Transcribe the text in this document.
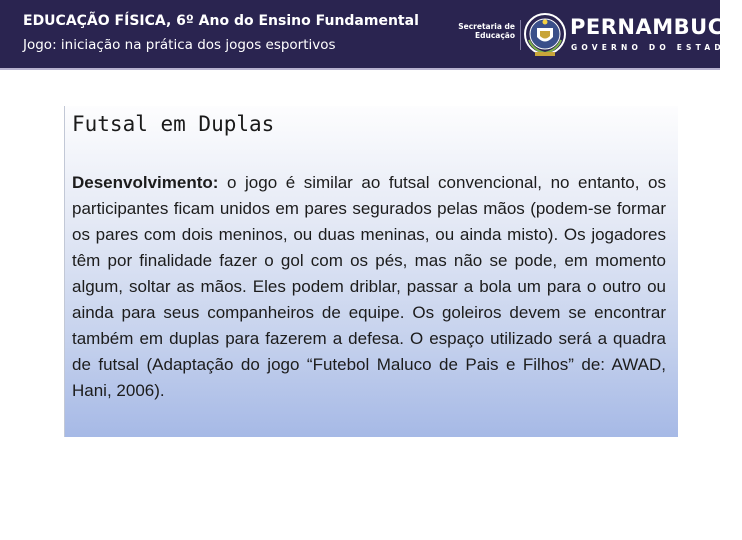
EDUCAÇÃO FÍSICA, 6º Ano do Ensino Fundamental
Jogo: iniciação na prática dos jogos esportivos
Secretaria de
Educação	PERNAMBUCO
GOVERNO DO ESTADO
Futsal em Duplas

Desenvolvimento: o jogo é similar ao futsal convencional, no entanto, os participantes ficam unidos em pares segurados pelas mãos (podem-se formar os pares com dois meninos, ou duas meninas, ou ainda misto). Os jogadores têm por finalidade fazer o gol com os pés, mas não se pode, em momento algum, soltar as mãos. Eles podem driblar, passar a bola um para o outro ou ainda para seus companheiros de equipe. Os goleiros devem se encontrar também em duplas para fazerem a defesa. O espaço utilizado será a quadra de futsal (Adaptação do jogo “Futebol Maluco de Pais e Filhos” de: AWAD, Hani, 2006).
